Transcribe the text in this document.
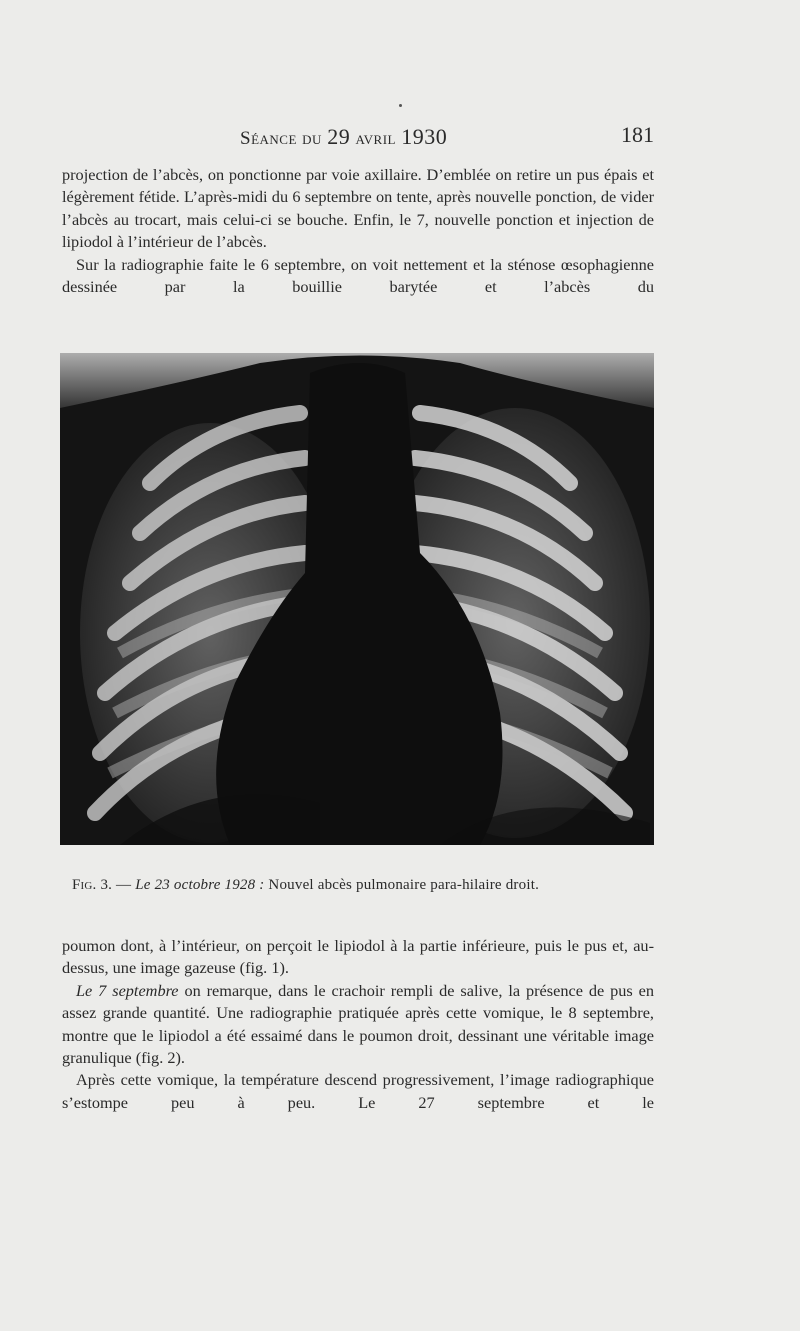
Séance du 29 avril 1930	181

projection de l’abcès, on ponctionne par voie axillaire. D’emblée on retire un pus épais et légèrement fétide. L’après-midi du 6 septembre on tente, après nouvelle ponction, de vider l’abcès au trocart, mais celui-ci se bouche. Enfin, le 7, nouvelle ponction et injection de lipiodol à l’intérieur de l’abcès.

Sur la radiographie faite le 6 septembre, on voit nettement et la sténose œsophagienne dessinée par la bouillie barytée et l’abcès du

Fig. 3. — Le 23 octobre 1928 : Nouvel abcès pulmonaire para-hilaire droit.

poumon dont, à l’intérieur, on perçoit le lipiodol à la partie inférieure, puis le pus et, au-dessus, une image gazeuse (fig. 1).

Le 7 septembre on remarque, dans le crachoir rempli de salive, la présence de pus en assez grande quantité. Une radiographie pratiquée après cette vomique, le 8 septembre, montre que le lipiodol a été essaimé dans le poumon droit, dessinant une véritable image granulique (fig. 2).

Après cette vomique, la température descend progressivement, l’image radiographique s’estompe peu à peu. Le 27 septembre et le
